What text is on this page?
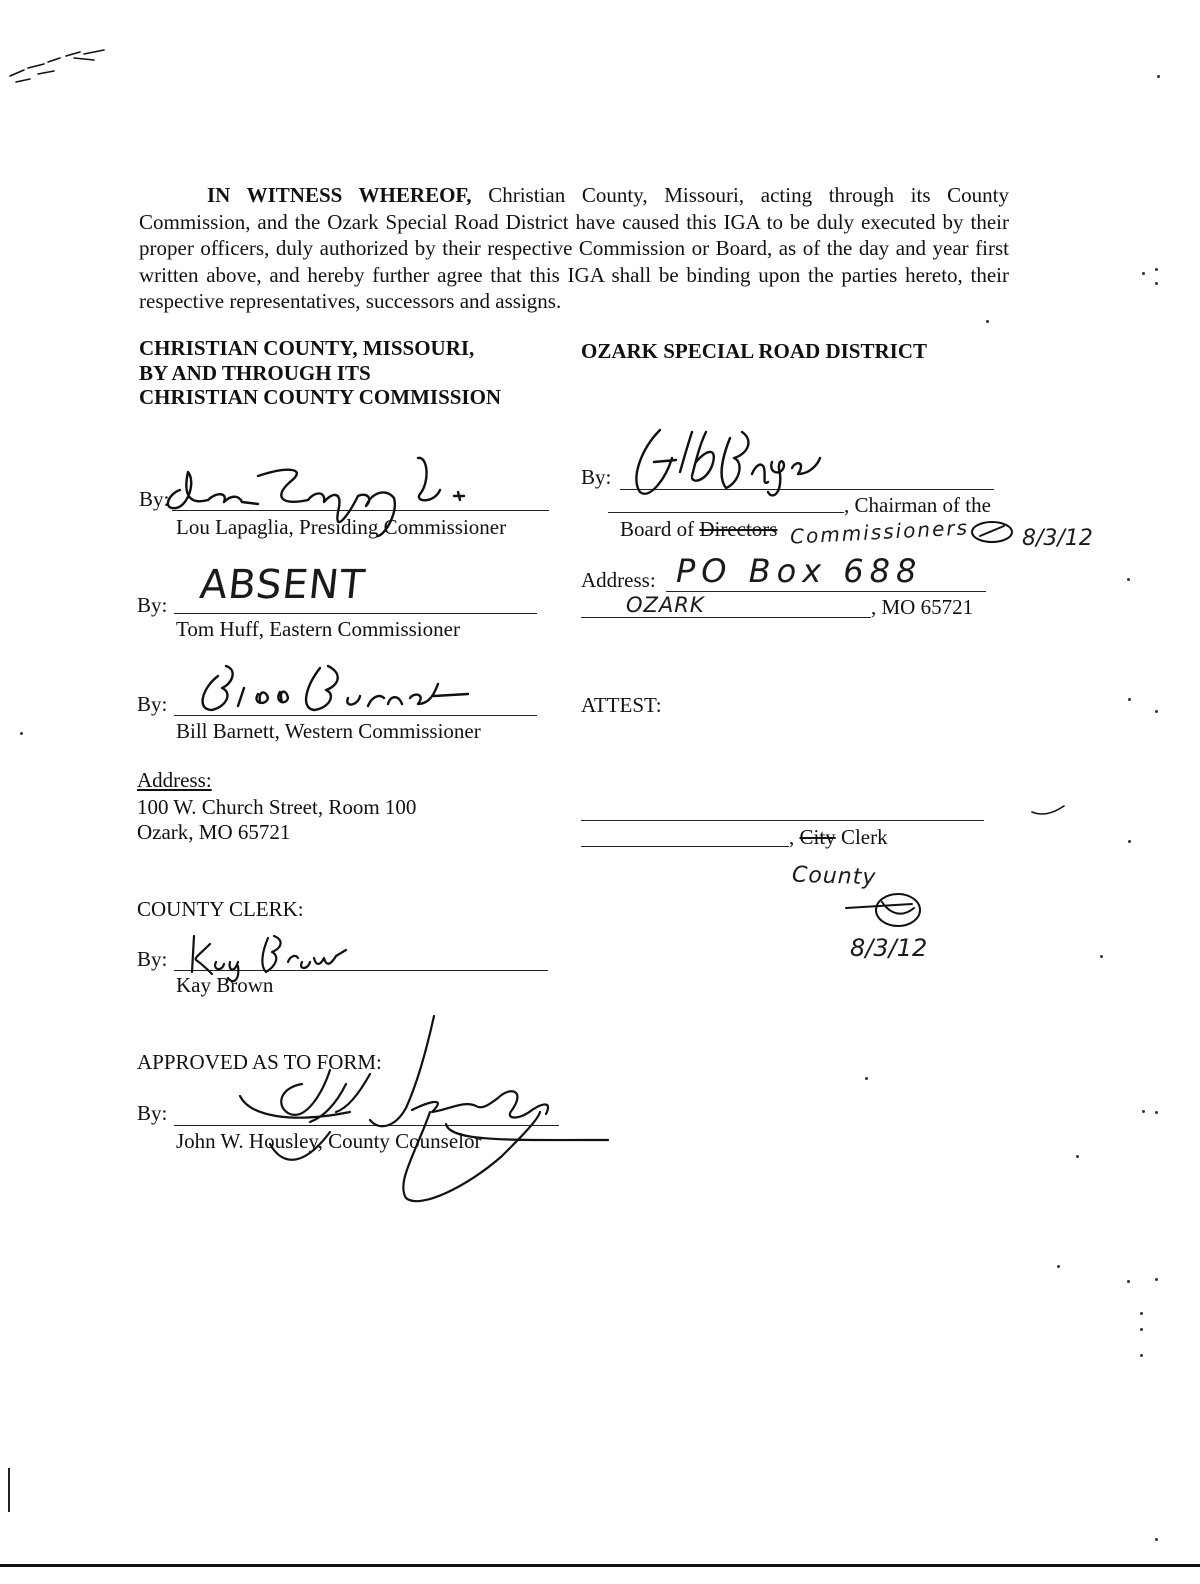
IN WITNESS WHEREOF, Christian County, Missouri, acting through its County Commission, and the Ozark Special Road District have caused this IGA to be duly executed by their proper officers, duly authorized by their respective Commission or Board, as of the day and year first written above, and hereby further agree that this IGA shall be binding upon the parties hereto, their respective representatives, successors and assigns.
CHRISTIAN COUNTY, MISSOURI,
BY AND THROUGH ITS
CHRISTIAN COUNTY COMMISSION
OZARK SPECIAL ROAD DISTRICT
By:
Lou Lapaglia, Presiding Commissioner
By: ABSENT
Tom Huff, Eastern Commissioner
By:
Bill Barnett, Western Commissioner
Address:
100 W. Church Street, Room 100
Ozark, MO 65721
COUNTY CLERK:
By:
Kay Brown
APPROVED AS TO FORM:
By:
John W. Housley, County Counselor
By:
, Chairman of the
Board of Directors Commissioners 8/3/12
Address: PO Box 688
OZARK	, MO 65721
ATTEST:
, City Clerk
County
8/3/12
